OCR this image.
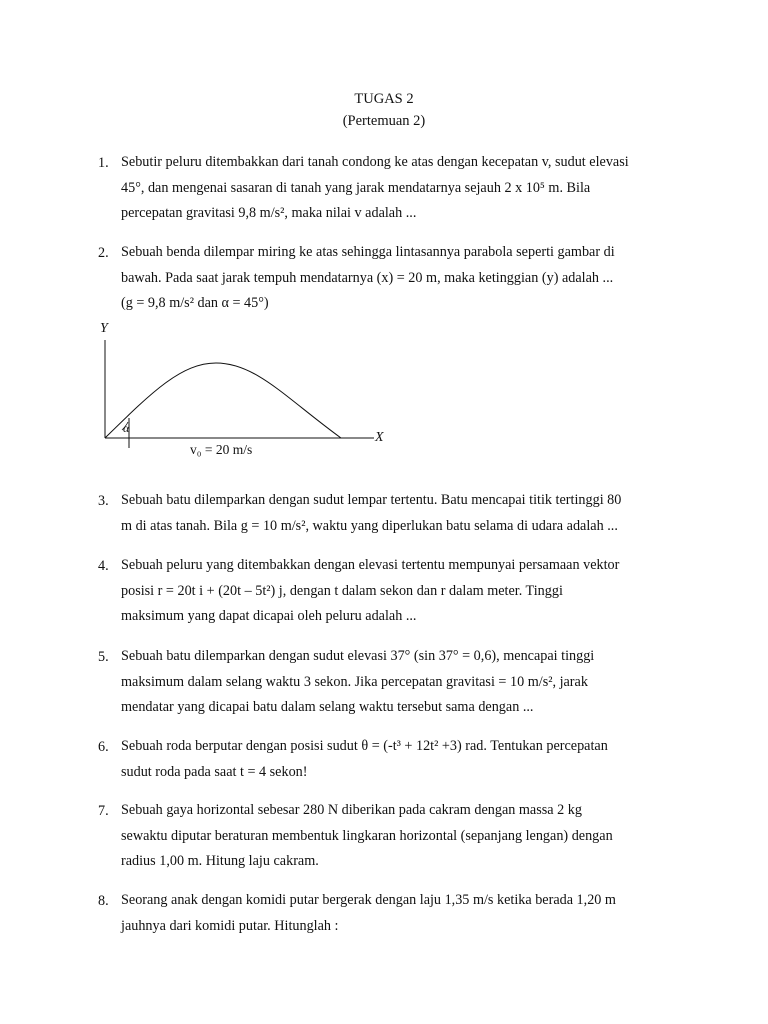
TUGAS 2
(Pertemuan 2)
1. Sebutir peluru ditembakkan dari tanah condong ke atas dengan kecepatan v, sudut elevasi
45°, dan mengenai sasaran di tanah yang jarak mendatarnya sejauh 2 x 10⁵ m. Bila
percepatan gravitasi 9,8 m/s², maka nilai v adalah ...
2. Sebuah benda dilempar miring ke atas sehingga lintasannya parabola seperti gambar di
bawah. Pada saat jarak tempuh mendatarnya (x) = 20 m, maka ketinggian (y) adalah ...
(g = 9,8 m/s² dan α = 45°)
Y
X
α
v₀ = 20 m/s
3. Sebuah batu dilemparkan dengan sudut lempar tertentu. Batu mencapai titik tertinggi 80
m di atas tanah. Bila g = 10 m/s², waktu yang diperlukan batu selama di udara adalah ...
4. Sebuah peluru yang ditembakkan dengan elevasi tertentu mempunyai persamaan vektor
posisi r = 20t i + (20t – 5t²) j, dengan t dalam sekon dan r dalam meter. Tinggi
maksimum yang dapat dicapai oleh peluru adalah ...
5. Sebuah batu dilemparkan dengan sudut elevasi 37° (sin 37° = 0,6), mencapai tinggi
maksimum dalam selang waktu 3 sekon. Jika percepatan gravitasi = 10 m/s², jarak
mendatar yang dicapai batu dalam selang waktu tersebut sama dengan ...
6. Sebuah roda berputar dengan posisi sudut θ = (-t³ + 12t² +3) rad. Tentukan percepatan
sudut roda pada saat t = 4 sekon!
7. Sebuah gaya horizontal sebesar 280 N diberikan pada cakram dengan massa 2 kg
sewaktu diputar beraturan membentuk lingkaran horizontal (sepanjang lengan) dengan
radius 1,00 m. Hitung laju cakram.
8. Seorang anak dengan komidi putar bergerak dengan laju 1,35 m/s ketika berada 1,20 m
jauhnya dari komidi putar. Hitunglah :
